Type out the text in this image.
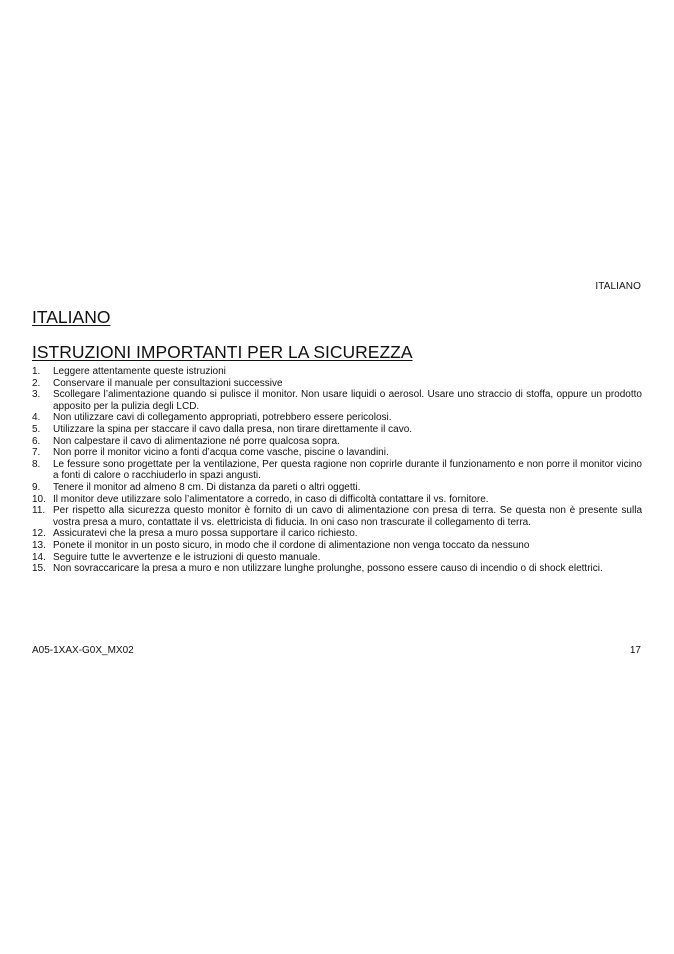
ITALIANO
ITALIANO
ISTRUZIONI IMPORTANTI PER LA SICUREZZA
1. Leggere attentamente queste istruzioni
2. Conservare il manuale per consultazioni successive
3. Scollegare l’alimentazione quando si pulisce il monitor. Non usare liquidi o aerosol. Usare uno straccio di stoffa, oppure un prodotto apposito per la pulizia degli LCD.
4. Non utilizzare cavi di collegamento appropriati, potrebbero essere pericolosi.
5. Utilizzare la spina per staccare il cavo dalla presa, non tirare direttamente il cavo.
6. Non calpestare il cavo di alimentazione né porre qualcosa sopra.
7. Non porre il monitor vicino a fonti d’acqua come vasche, piscine o lavandini.
8. Le fessure sono progettate per la ventilazione, Per questa ragione non coprirle durante il funzionamento e non porre il monitor vicino a fonti di calore o racchiuderlo in spazi angusti.
9. Tenere il monitor ad almeno 8 cm. Di distanza da pareti o altri oggetti.
10. Il monitor deve utilizzare solo l’alimentatore a corredo, in caso di difficoltà contattare il vs. fornitore.
11. Per rispetto alla sicurezza questo monitor è fornito di un cavo di alimentazione con presa di terra. Se questa non è presente sulla vostra presa a muro, contattate il vs. elettricista di fiducia. In oni caso non trascurate il collegamento di terra.
12. Assicuratevi che la presa a muro possa supportare il carico richiesto.
13. Ponete il monitor in un posto sicuro, in modo che il cordone di alimentazione non venga toccato da nessuno
14. Seguire tutte le avvertenze e le istruzioni di questo manuale.
15. Non sovraccaricare la presa a muro e non utilizzare lunghe prolunghe, possono essere causo di incendio o di shock elettrici.
A05-1XAX-G0X_MX02	17
